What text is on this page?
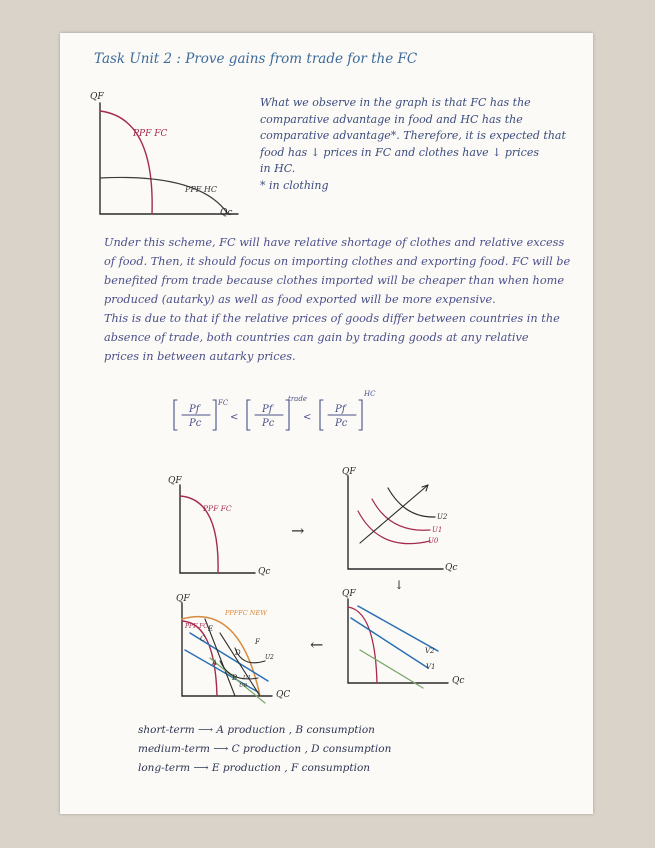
Task Unit 2 : Prove gains from trade for the FC
What we observe in the graph is that FC has the
comparative advantage in food and HC has the
comparative advantage*. Therefore, it is expected that
food has ↓ prices in FC and clothes have ↓ prices
in HC.
* in clothing
Under this scheme, FC will have relative shortage of clothes and relative excess
of food. Then, it should focus on importing clothes and exporting food. FC will be
benefited from trade because clothes imported will be cheaper than when home
produced (autarky) as well as food exported will be more expensive.
This is due to that if the relative prices of goods differ between countries in the
absence of trade, both countries can gain by trading goods at any relative
prices in between autarky prices.
short-term ⟶ A production , B consumption
medium-term ⟶ C production , D consumption
long-term ⟶ E production , F consumption
QF
Qc
PPF FC
PPF HC
Pf
Pc
FC
<
Pf
Pc
trade
<
Pf
Pc
HC
QF
Qc
PPF FC
→
QF
Qc
U2
U1
U0
↓
QF
Qc
V2
V1
←
QF
QC
PPF FC
PPFFC NEW
E
C
D
A
B
F
U2
U1
U0
